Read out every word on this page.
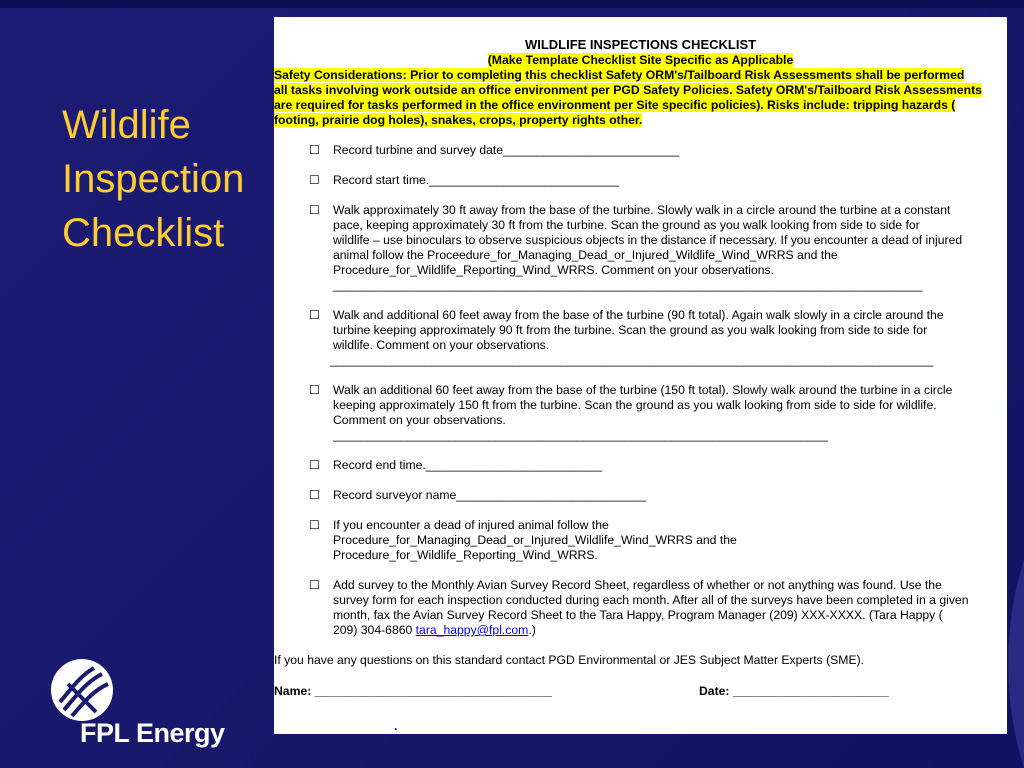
Wildlife
Inspection
Checklist
FPL Energy
WILDLIFE INSPECTIONS CHECKLIST
(Make Template Checklist Site Specific as Applicable
Safety Considerations: Prior to completing this checklist Safety ORM's/Tailboard Risk Assessments shall be performed
all tasks involving work outside an office environment per PGD Safety Policies. Safety ORM's/Tailboard Risk Assessments
are required for tasks performed in the office environment per Site specific policies). Risks include: tripping hazards (
footing, prairie dog holes), snakes, crops, property rights other.
☐ Record turbine and survey date__________________________
☐ Record start time.____________________________
☐ Walk approximately 30 ft away from the base of the turbine. Slowly walk in a circle around the turbine at a constant
pace, keeping approximately 30 ft from the turbine. Scan the ground as you walk looking from side to side for
wildlife – use binoculars to observe suspicious objects in the distance if necessary. If you encounter a dead of injured
animal follow the Proceedure_for_Managing_Dead_or_Injured_Wildlife_Wind_WRRS and the
Procedure_for_Wildlife_Reporting_Wind_WRRS. Comment on your observations.
_______________________________________________________________________________________
☐ Walk and additional 60 feet away from the base of the turbine (90 ft total). Again walk slowly in a circle around the
turbine keeping approximately 90 ft from the turbine. Scan the ground as you walk looking from side to side for
wildlife. Comment on your observations.
_________________________________________________________________________________________
☐ Walk an additional 60 feet away from the base of the turbine (150 ft total). Slowly walk around the turbine in a circle
keeping approximately 150 ft from the turbine. Scan the ground as you walk looking from side to side for wildlife.
Comment on your observations.
_________________________________________________________________________
☐ Record end time.__________________________
☐ Record surveyor name____________________________
☐ If you encounter a dead of injured animal follow the
Procedure_for_Managing_Dead_or_Injured_Wildlife_Wind_WRRS and the
Procedure_for_Wildlife_Reporting_Wind_WRRS.
☐ Add survey to the Monthly Avian Survey Record Sheet, regardless of whether or not anything was found. Use the
survey form for each inspection conducted during each month. After all of the surveys have been completed in a given
month, fax the Avian Survey Record Sheet to the Tara Happy, Program Manager (209) XXX-XXXX. (Tara Happy (
209) 304-6860 tara_happy@fpl.com.)
If you have any questions on this standard contact PGD Environmental or JES Subject Matter Experts (SME).
Name: ___________________________________	Date: _______________________
.
